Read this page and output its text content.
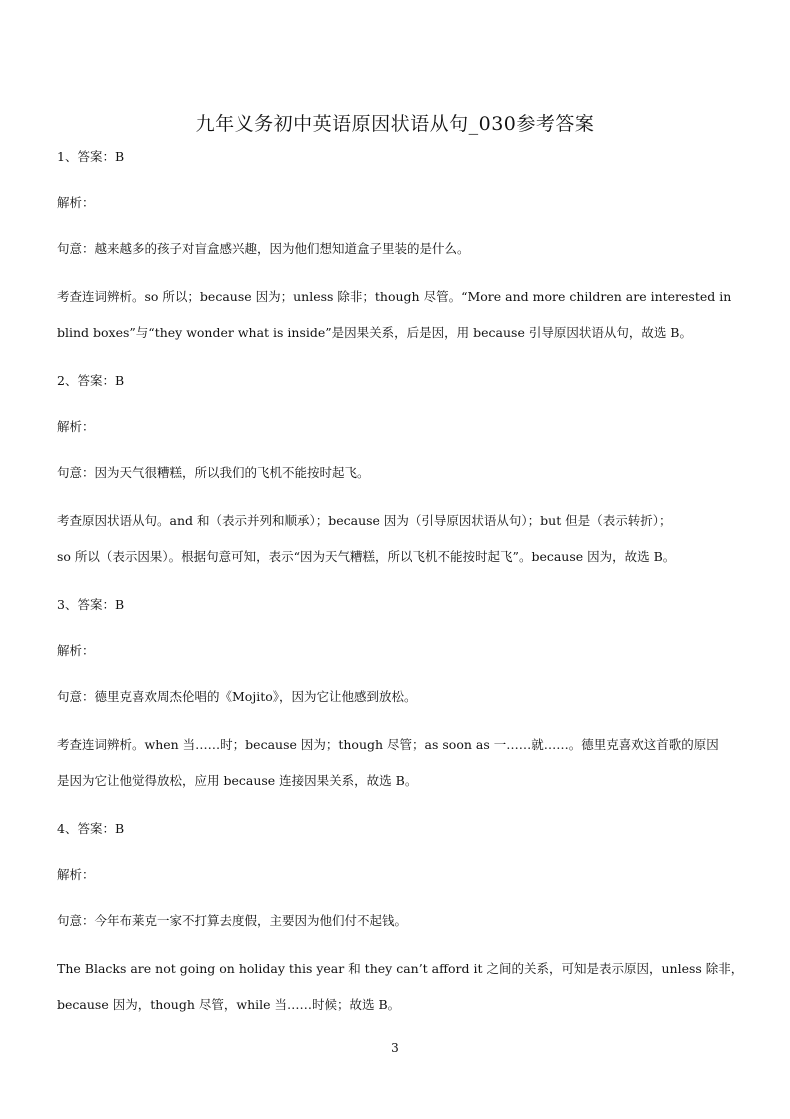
九年义务初中英语原因状语从句_030参考答案
1、答案：B
解析：
句意：越来越多的孩子对盲盒感兴趣，因为他们想知道盒子里装的是什么。
考查连词辨析。so 所以；because 因为；unless 除非；though 尽管。“More and more children are interested in
blind boxes”与“they wonder what is inside”是因果关系，后是因，用 because 引导原因状语从句，故选 B。
2、答案：B
解析：
句意：因为天气很糟糕，所以我们的飞机不能按时起飞。
考查原因状语从句。and 和（表示并列和顺承）；because 因为（引导原因状语从句）；but 但是（表示转折）；
so 所以（表示因果）。根据句意可知，表示“因为天气糟糕，所以飞机不能按时起飞”。because 因为，故选 B。
3、答案：B
解析：
句意：德里克喜欢周杰伦唱的《Mojito》，因为它让他感到放松。
考查连词辨析。when 当……时；because 因为；though 尽管；as soon as 一……就……。德里克喜欢这首歌的原因
是因为它让他觉得放松，应用 because 连接因果关系，故选 B。
4、答案：B
解析：
句意：今年布莱克一家不打算去度假，主要因为他们付不起钱。
The Blacks are not going on holiday this year 和 they can’t afford it 之间的关系，可知是表示原因，unless 除非，
because 因为，though 尽管，while 当……时候；故选 B。
3
